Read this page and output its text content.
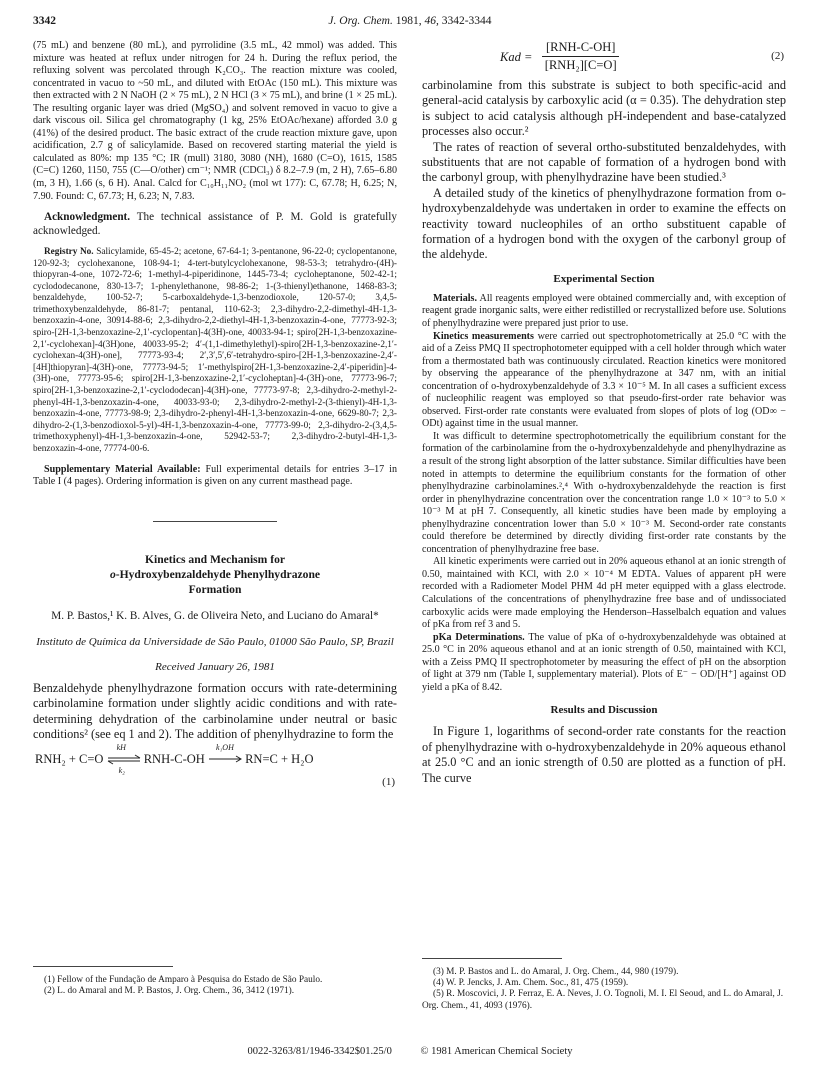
3342	J. Org. Chem. 1981, 46, 3342-3344

(75 mL) and benzene (80 mL), and pyrrolidine (3.5 mL, 42 mmol) was added. This mixture was heated at reflux under nitrogen for 24 h. During the reflux period, the refluxing solvent was percolated through K₂CO₃. The reaction mixture was cooled, concentrated in vacuo to ~50 mL, and diluted with EtOAc (150 mL). This mixture was then extracted with 2 N NaOH (2 × 75 mL), 2 N HCl (3 × 75 mL), and brine (1 × 25 mL). The resulting organic layer was dried (MgSO₄) and solvent removed in vacuo to give a dark viscous oil. Silica gel chromatography (1 kg, 25% EtOAc/hexane) afforded 3.0 g (41%) of the desired product. The basic extract of the crude reaction mixture gave, upon acidification, 2.7 g of salicylamide. Based on recovered starting material the yield is calculated as 80%: mp 135 °C; IR (mull) 3180, 3080 (NH), 1680 (C=O), 1615, 1585 (C=C) 1260, 1150, 755 (C—O/other) cm⁻¹; NMR (CDCl₃) δ 8.2–7.9 (m, 2 H), 7.65–6.80 (m, 3 H), 1.66 (s, 6 H). Anal. Calcd for C₁₀H₁₁NO₂ (mol wt 177): C, 67.78; H, 6.25; N, 7.90. Found: C, 67.73; H, 6.23; N, 7.83.

Acknowledgment. The technical assistance of P. M. Gold is gratefully acknowledged.

Registry No. Salicylamide, 65-45-2; acetone, 67-64-1; 3-pentanone, 96-22-0; cyclopentanone, 120-92-3; cyclohexanone, 108-94-1; 4-tert-butylcyclohexanone, 98-53-3; tetrahydro-(4H)-thiopyran-4-one, 1072-72-6; 1-methyl-4-piperidinone, 1445-73-4; cycloheptanone, 502-42-1; cyclododecanone, 830-13-7; 1-phenylethanone, 98-86-2; 1-(3-thienyl)ethanone, 1468-83-3; benzaldehyde, 100-52-7; 5-carboxaldehyde-1,3-benzodioxole, 120-57-0; 3,4,5-trimethoxybenzaldehyde, 86-81-7; pentanal, 110-62-3; 2,3-dihydro-2,2-dimethyl-4H-1,3-benzoxazin-4-one, 30914-88-6; 2,3-dihydro-2,2-diethyl-4H-1,3-benzoxazin-4-one, 77773-92-3; spiro-[2H-1,3-benzoxazine-2,1′-cyclopentan]-4(3H)-one, 40033-94-1; spiro[2H-1,3-benzoxazine-2,1′-cyclohexan]-4(3H)one, 40033-95-2; 4′-(1,1-dimethylethyl)-spiro[2H-1,3-benzoxazine-2,1′-cyclohexan-4(3H)-one], 77773-93-4; 2′,3′,5′,6′-tetrahydro-spiro-[2H-1,3-benzoxazine-2,4′-[4H]thiopyran]-4(3H)-one, 77773-94-5; 1′-methylspiro[2H-1,3-benzoxazine-2,4′-piperidin]-4-(3H)-one, 77773-95-6; spiro[2H-1,3-benzoxazine-2,1′-cycloheptan]-4-(3H)-one, 77773-96-7; spiro[2H-1,3-benzoxazine-2,1′-cyclododecan]-4(3H)-one, 77773-97-8; 2,3-dihydro-2-methyl-2-phenyl-4H-1,3-benzoxazin-4-one, 40033-93-0; 2,3-dihydro-2-methyl-2-(3-thienyl)-4H-1,3-benzoxazin-4-one, 77773-98-9; 2,3-dihydro-2-phenyl-4H-1,3-benzoxazin-4-one, 6629-80-7; 2,3-dihydro-2-(1,3-benzodioxol-5-yl)-4H-1,3-benzoxazin-4-one, 77773-99-0; 2,3-dihydro-2-(3,4,5-trimethoxyphenyl)-4H-1,3-benzoxazin-4-one, 52942-53-7; 2,3-dihydro-2-butyl-4H-1,3-benzoxazin-4-one, 77774-00-6.

Supplementary Material Available: Full experimental details for entries 3–17 in Table I (4 pages). Ordering information is given on any current masthead page.

Kinetics and Mechanism for
o-Hydroxybenzaldehyde Phenylhydrazone
Formation
M. P. Bastos,¹ K. B. Alves, G. de Oliveira Neto, and Luciano do Amaral*
Instituto de Química da Universidade de São Paulo, 01000 São Paulo, SP, Brazil
Received January 26, 1981

Benzaldehyde phenylhydrazone formation occurs with rate-determining carbinolamine formation under slightly acidic conditions and with rate-determining dehydration of the carbinolamine under neutral or basic conditions² (see eq 1 and 2). The addition of phenylhydrazine to form the

RNH₂ + C=O
kH
k₂
RNH-C-OH
k₁OH
RN=C + H₂O
(1)
Kad =
[RNH-C-OH]
[RNH₂][C=O]
(2)

carbinolamine from this substrate is subject to both specific-acid and general-acid catalysis by carboxylic acid (α = 0.35). The dehydration step is subject to acid catalysis although pH-independent and base-catalyzed processes also occur.²

The rates of reaction of several ortho-substituted benzaldehydes, with substituents that are not capable of formation of a hydrogen bond with the carbonyl group, with phenylhydrazine have been studied.³

A detailed study of the kinetics of phenylhydrazone formation from o-hydroxybenzaldehyde was undertaken in order to examine the effects on reactivity toward nucleophiles of an ortho substituent capable of formation of a hydrogen bond with the oxygen of the carbonyl group of the aldehyde.

Experimental Section

Materials. All reagents employed were obtained commercially and, with exception of reagent grade inorganic salts, were either redistilled or recrystallized before use. Solutions of phenylhydrazine were prepared just prior to use.

Kinetics measurements were carried out spectrophotometrically at 25.0 °C with the aid of a Zeiss PMQ II spectrophotometer equipped with a cell holder through which water from a thermostated bath was continuously circulated. Reaction kinetics were monitored by observing the appearance of the phenylhydrazone at 347 nm, with an initial concentration of o-hydroxybenzaldehyde of 3.3 × 10⁻⁵ M. In all cases a sufficient excess of nucleophilic reagent was employed so that pseudo-first-order rate behavior was observed. First-order rate constants were evaluated from slopes of plots of log (OD∞ − ODt) against time in the usual manner.

It was difficult to determine spectrophotometrically the equilibrium constant for the formation of the carbinolamine from the o-hydroxybenzaldehyde and phenylhydrazine as a result of the strong light absorption of the latter substance. Similar difficulties have been noted in attempts to determine the equilibrium constants for the formation of other phenylhydrazine carbinolamines.²,⁴ With o-hydroxybenzaldehyde the reaction is first order in phenylhydrazine concentration over the concentration range 1.0 × 10⁻³ to 5.0 × 10⁻³ M at pH 7. Consequently, all kinetic studies have been made by employing a phenylhydrazine concentration lower than 5.0 × 10⁻³ M. Second-order rate constants could therefore be determined by directly dividing first-order rate constants by the concentration of phenylhydrazine free base.

All kinetic experiments were carried out in 20% aqueous ethanol at an ionic strength of 0.50, maintained with KCl, with 2.0 × 10⁻⁴ M EDTA. Values of apparent pH were recorded with a Radiometer Model PHM 4d pH meter equipped with a glass electrode. Calculations of the concentrations of phenylhydrazine free base and of undissociated carboxylic acids were made employing the Henderson–Hasselbalch equation and values of pKa from ref 3 and 5.

pKa Determinations. The value of pKa of o-hydroxybenzaldehyde was obtained at 25.0 °C in 20% aqueous ethanol and at an ionic strength of 0.50, maintained with KCl, with a Zeiss PMQ II spectrophotometer by measuring the effect of pH on the absorption of light at 379 nm (Table I, supplementary material). Plots of E⁻ − OD/[H⁺] against OD yield a pKa of 8.42.

Results and Discussion

In Figure 1, logarithms of second-order rate constants for the reaction of phenylhydrazine with o-hydroxybenzaldehyde in 20% aqueous ethanol at 25.0 °C and an ionic strength of 0.50 are plotted as a function of pH. The curve

(1) Fellow of the Fundação de Amparo à Pesquisa do Estado de São Paulo.

(2) L. do Amaral and M. P. Bastos, J. Org. Chem., 36, 3412 (1971).

(3) M. P. Bastos and L. do Amaral, J. Org. Chem., 44, 980 (1979).

(4) W. P. Jencks, J. Am. Chem. Soc., 81, 475 (1959).

(5) R. Moscovici, J. P. Ferraz, E. A. Neves, J. O. Tognoli, M. I. El Seoud, and L. do Amaral, J. Org. Chem., 41, 4093 (1976).

0022-3263/81/1946-3342$01.25/0	© 1981 American Chemical Society
